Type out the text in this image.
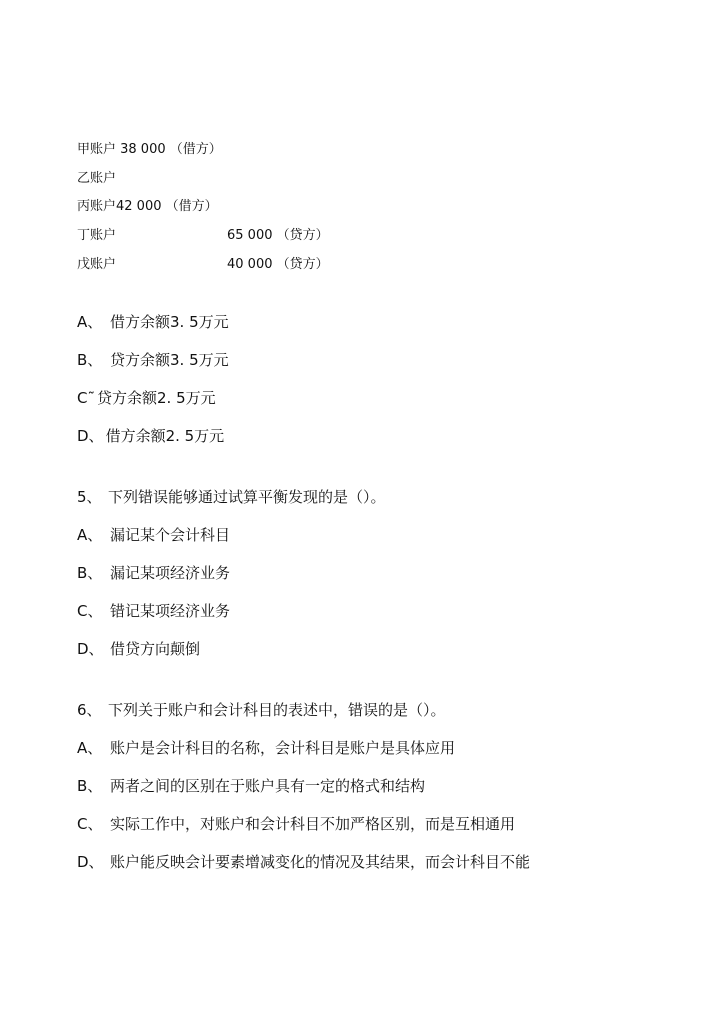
甲账户 38 000 （借方）
乙账户
丙账户42 000 （借方）
丁账户	65 000 （贷方）
戊账户	40 000 （贷方）
A、 借方余额3. 5万元
B、 贷方余额3. 5万元
C˜ 贷方余额2. 5万元
D、 借方余额2. 5万元
5、 下列错误能够通过试算平衡发现的是（）。
A、 漏记某个会计科目
B、 漏记某项经济业务
C、 错记某项经济业务
D、 借贷方向颠倒
6、 下列关于账户和会计科目的表述中，错误的是（）。
A、 账户是会计科目的名称，会计科目是账户是具体应用
B、 两者之间的区别在于账户具有一定的格式和结构
C、 实际工作中，对账户和会计科目不加严格区别，而是互相通用
D、 账户能反映会计要素增减变化的情况及其结果，而会计科目不能
